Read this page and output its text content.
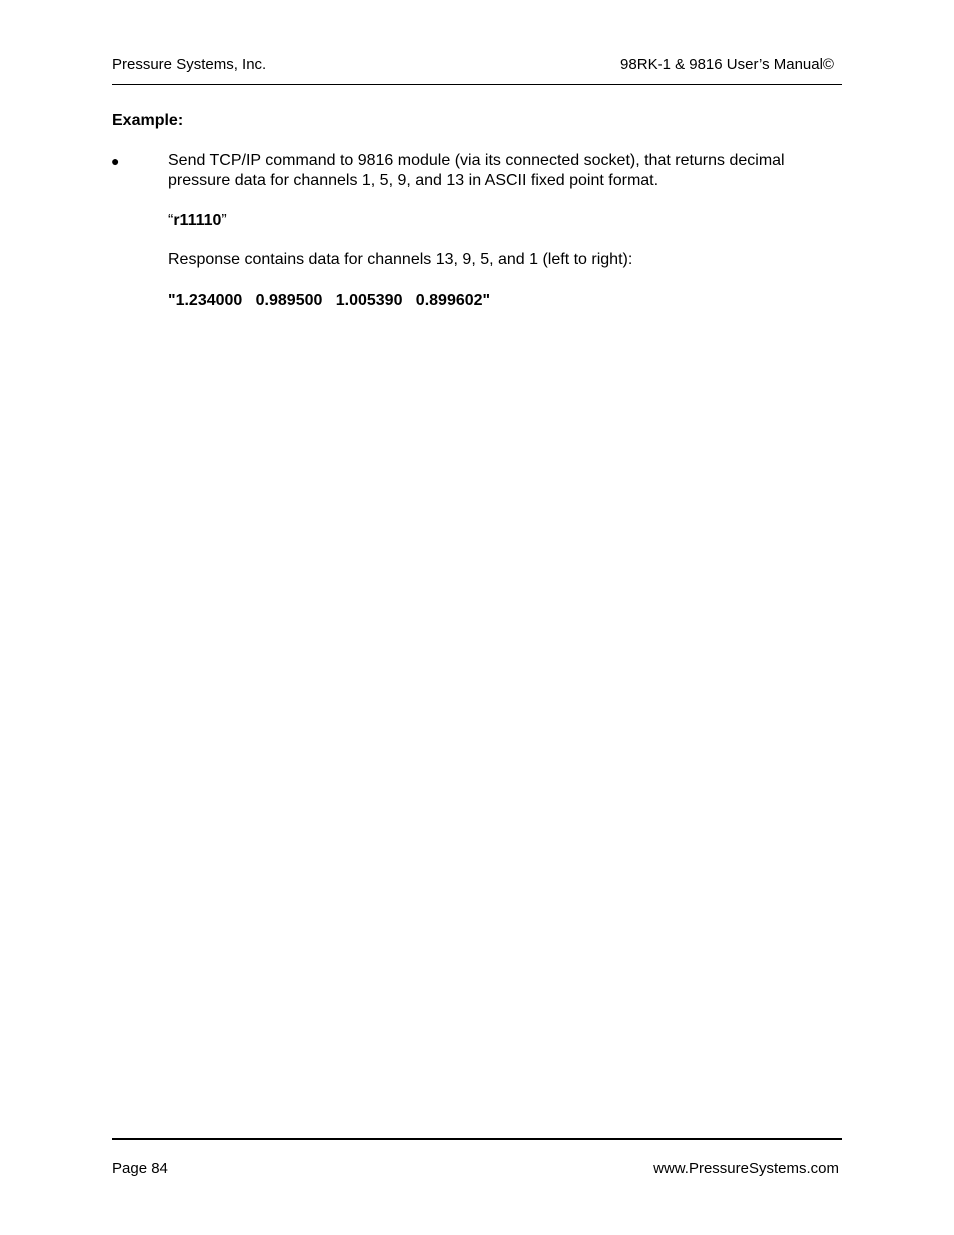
Pressure Systems, Inc.	98RK-1 & 9816 User’s Manual©
Example:
●	Send TCP/IP command to 9816 module (via its connected socket), that returns decimal pressure data for channels 1, 5, 9, and 13 in ASCII fixed point format.
“r11110”
Response contains data for channels 13, 9, 5, and 1 (left to right):
"1.234000   0.989500   1.005390   0.899602"
Page 84	www.PressureSystems.com
